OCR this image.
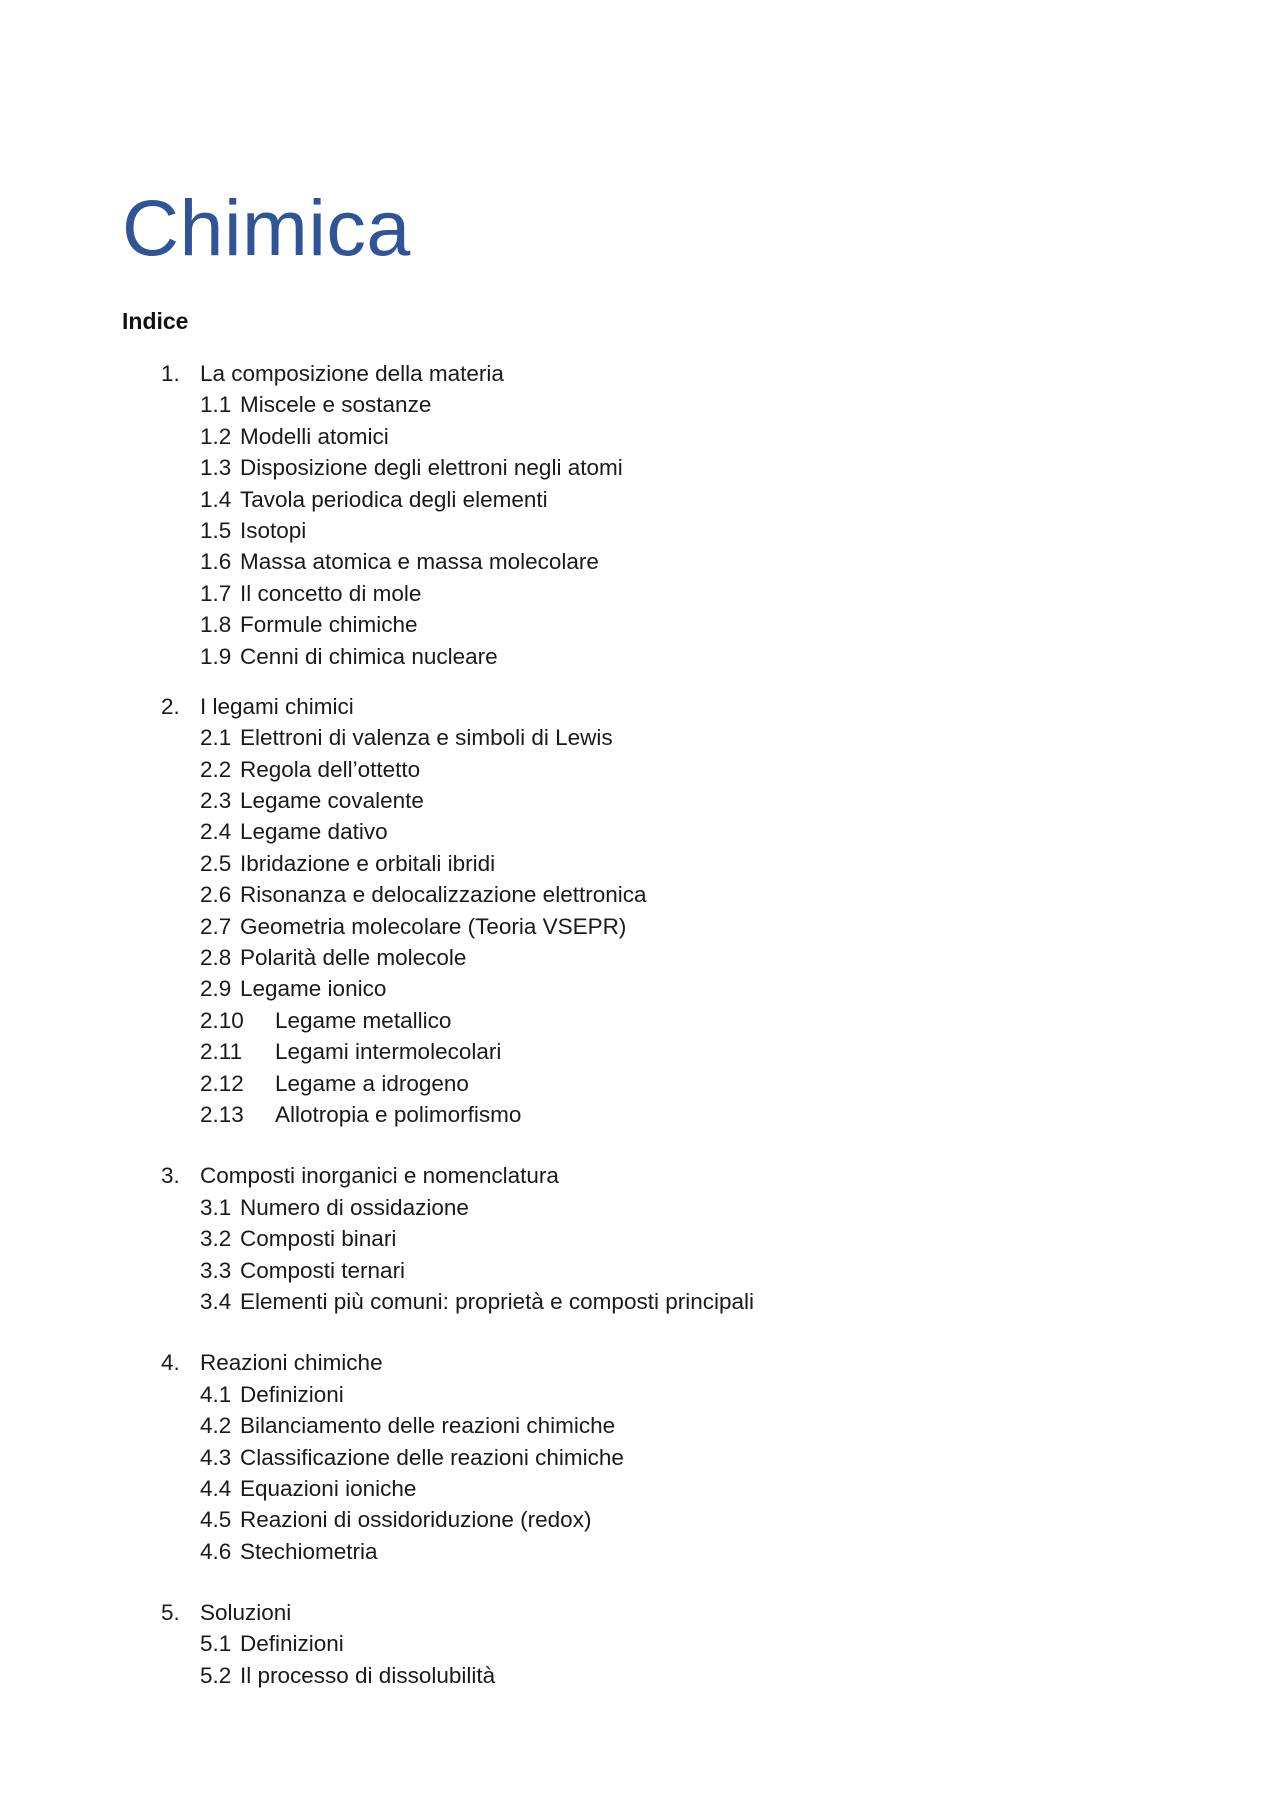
Chimica
Indice
1. La composizione della materia
1.1 Miscele e sostanze
1.2 Modelli atomici
1.3 Disposizione degli elettroni negli atomi
1.4 Tavola periodica degli elementi
1.5 Isotopi
1.6 Massa atomica e massa molecolare
1.7 Il concetto di mole
1.8 Formule chimiche
1.9 Cenni di chimica nucleare
2. I legami chimici
2.1 Elettroni di valenza e simboli di Lewis
2.2 Regola dell’ottetto
2.3 Legame covalente
2.4 Legame dativo
2.5 Ibridazione e orbitali ibridi
2.6 Risonanza e delocalizzazione elettronica
2.7 Geometria molecolare (Teoria VSEPR)
2.8 Polarità delle molecole
2.9 Legame ionico
2.10	Legame metallico
2.11	Legami intermolecolari
2.12	Legame a idrogeno
2.13	Allotropia e polimorfismo
3. Composti inorganici e nomenclatura
3.1 Numero di ossidazione
3.2 Composti binari
3.3 Composti ternari
3.4 Elementi più comuni: proprietà e composti principali
4. Reazioni chimiche
4.1 Definizioni
4.2 Bilanciamento delle reazioni chimiche
4.3 Classificazione delle reazioni chimiche
4.4 Equazioni ioniche
4.5 Reazioni di ossidoriduzione (redox)
4.6 Stechiometria
5. Soluzioni
5.1 Definizioni
5.2 Il processo di dissolubilità
